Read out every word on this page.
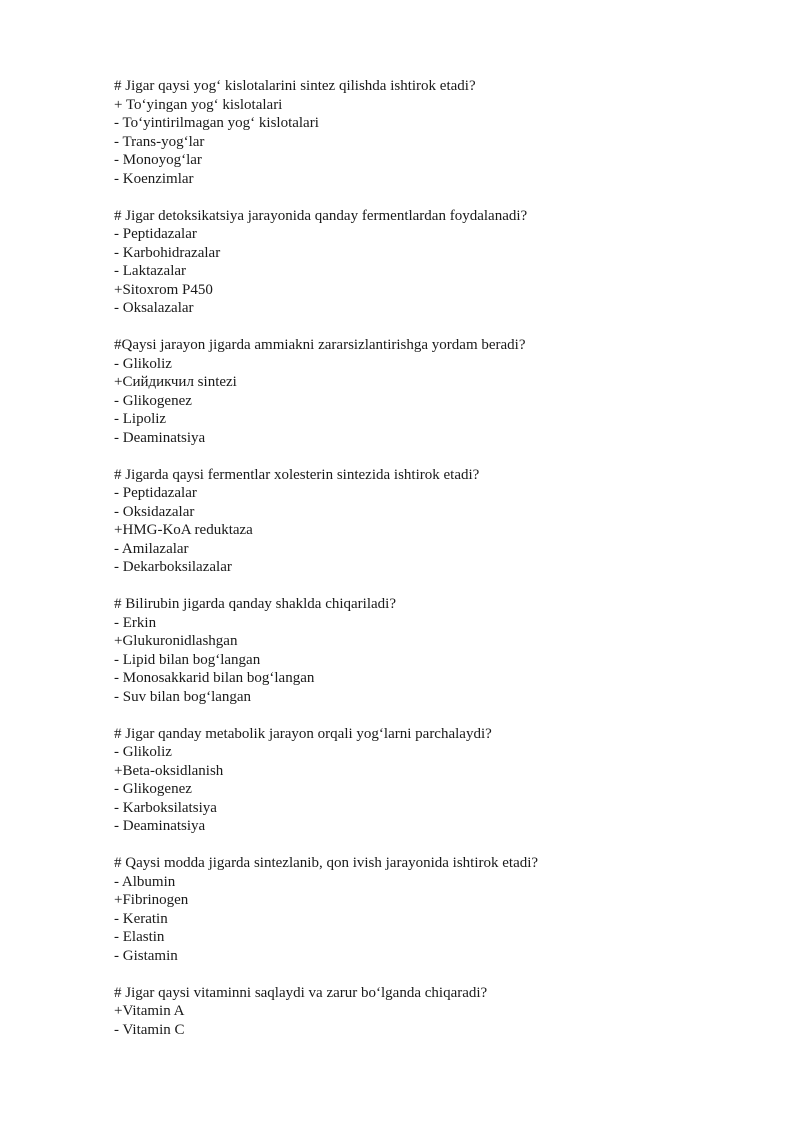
# Jigar qaysi yog‘ kislotalarini sintez qilishda ishtirok etadi?
+ To‘yingan yog‘ kislotalari
- To‘yintirilmagan yog‘ kislotalari
- Trans-yog‘lar
- Monoyog‘lar
- Koenzimlar
# Jigar detoksikatsiya jarayonida qanday fermentlardan foydalanadi?
- Peptidazalar
- Karbohidrazalar
- Laktazalar
+Sitoxrom P450
- Oksalazalar
#Qaysi jarayon jigarda ammiakni zararsizlantirishga yordam beradi?
- Glikoliz
+Сийдикчил sintezi
- Glikogenez
- Lipoliz
- Deaminatsiya
# Jigarda qaysi fermentlar xolesterin sintezida ishtirok etadi?
- Peptidazalar
- Oksidazalar
+HMG-KoA reduktaza
- Amilazalar
- Dekarboksilazalar
# Bilirubin jigarda qanday shaklda chiqariladi?
- Erkin
+Glukuronidlashgan
- Lipid bilan bog‘langan
- Monosakkarid bilan bog‘langan
- Suv bilan bog‘langan
# Jigar qanday metabolik jarayon orqali yog‘larni parchalaydi?
- Glikoliz
+Beta-oksidlanish
- Glikogenez
- Karboksilatsiya
- Deaminatsiya
# Qaysi modda jigarda sintezlanib, qon ivish jarayonida ishtirok etadi?
- Albumin
+Fibrinogen
- Keratin
- Elastin
- Gistamin
# Jigar qaysi vitaminni saqlaydi va zarur bo‘lganda chiqaradi?
+Vitamin A
- Vitamin C
